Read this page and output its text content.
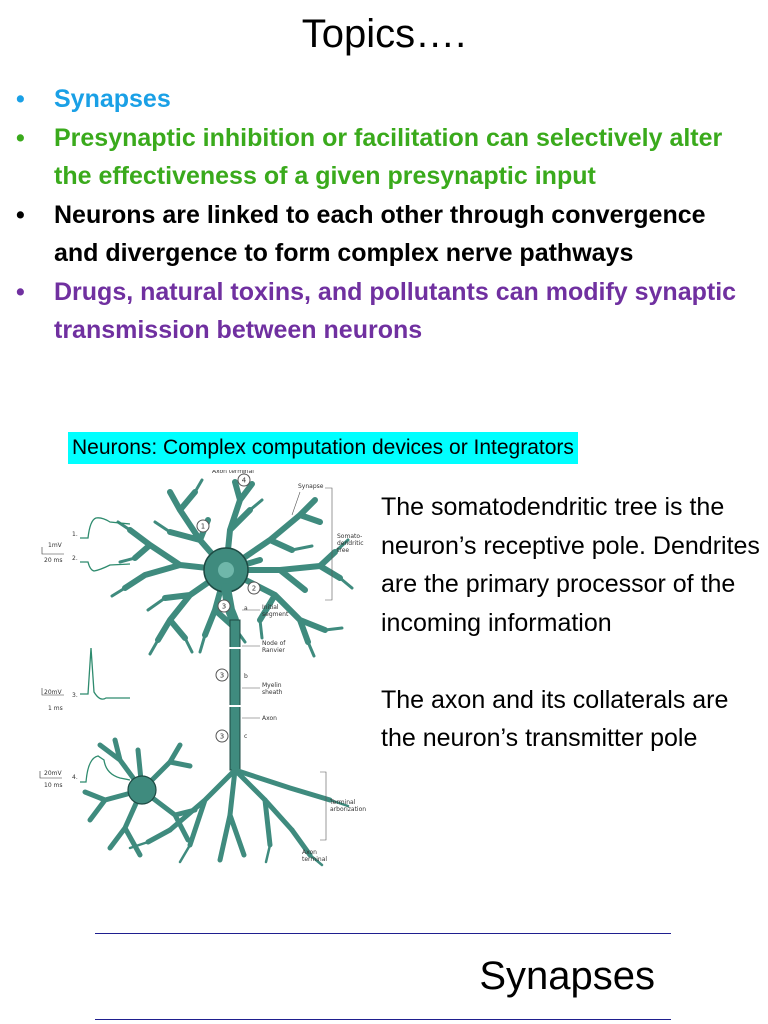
Topics….
• Synapses
• Presynaptic inhibition or facilitation can selectively alter the effectiveness of a given presynaptic input
• Neurons are linked to each other through convergence and divergence to form complex nerve pathways
• Drugs, natural toxins, and pollutants can modify synaptic transmission between neurons
Neurons: Complex computation devices or Integrators
4
1
2
3
3
3
a
b
c
Axon terminal
Synapse
Somato-
dendritic
tree
Initial
segment
Node of
Ranvier
Myelin
sheath
Axon
Terminal
arborization
Axon
terminal
1.
2.
3.
4.
1mV
20 ms
20mV
1 ms
20mV
10 ms

The somatodendritic tree is the neuron’s receptive pole. Dendrites are the primary processor of the incoming information

The axon and its collaterals are the neuron’s transmitter pole

Synapses
